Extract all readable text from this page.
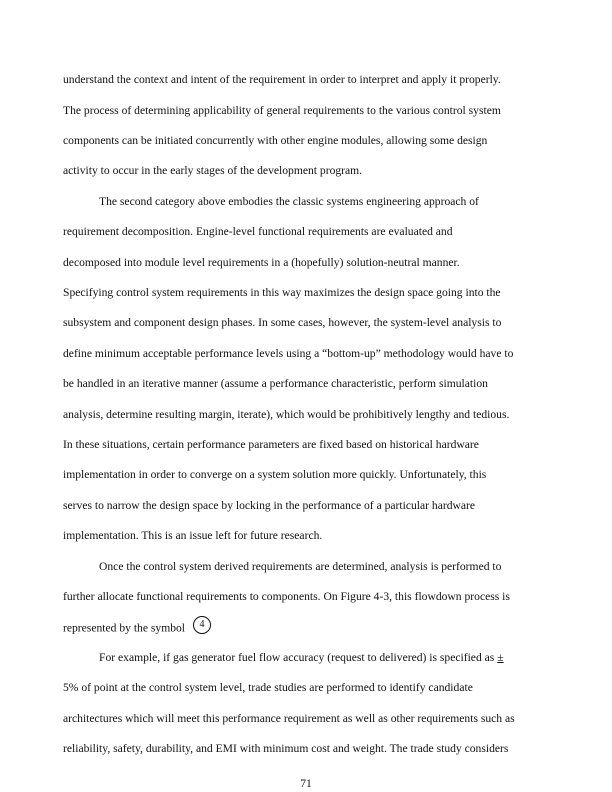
understand the context and intent of the requirement in order to interpret and apply it properly.
The process of determining applicability of general requirements to the various control system
components can be initiated concurrently with other engine modules, allowing some design
activity to occur in the early stages of the development program.
The second category above embodies the classic systems engineering approach of
requirement decomposition. Engine-level functional requirements are evaluated and
decomposed into module level requirements in a (hopefully) solution-neutral manner.
Specifying control system requirements in this way maximizes the design space going into the
subsystem and component design phases. In some cases, however, the system-level analysis to
define minimum acceptable performance levels using a “bottom-up” methodology would have to
be handled in an iterative manner (assume a performance characteristic, perform simulation
analysis, determine resulting margin, iterate), which would be prohibitively lengthy and tedious.
In these situations, certain performance parameters are fixed based on historical hardware
implementation in order to converge on a system solution more quickly. Unfortunately, this
serves to narrow the design space by locking in the performance of a particular hardware
implementation. This is an issue left for future research.
Once the control system derived requirements are determined, analysis is performed to
further allocate functional requirements to components. On Figure 4-3, this flowdown process is
represented by the symbol 4
For example, if gas generator fuel flow accuracy (request to delivered) is specified as ±
5% of point at the control system level, trade studies are performed to identify candidate
architectures which will meet this performance requirement as well as other requirements such as
reliability, safety, durability, and EMI with minimum cost and weight. The trade study considers
71
